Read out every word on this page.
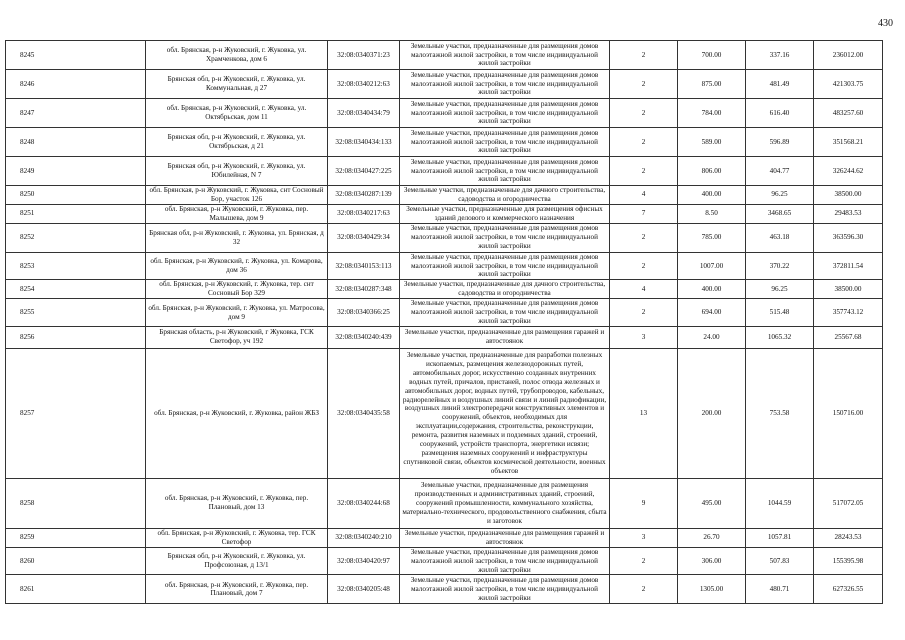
430
8245	обл. Брянская, р-н Жуковский, г. Жуковка, ул. Храмченкова, дом 6	32:08:0340371:23	Земельные участки, предназначенные для размещения домов малоэтажной жилой застройки, в том числе индивидуальной жилой застройки	2	700.00	337.16	236012.00
8246	Брянская обл, р-н Жуковский, г. Жуковка, ул. Коммунальная, д 27	32:08:0340212:63	Земельные участки, предназначенные для размещения домов малоэтажной жилой застройки, в том числе индивидуальной жилой застройки	2	875.00	481.49	421303.75
8247	обл. Брянская, р-н Жуковский, г. Жуковка, ул. Октябрьская, дом 11	32:08:0340434:79	Земельные участки, предназначенные для размещения домов малоэтажной жилой застройки, в том числе индивидуальной жилой застройки	2	784.00	616.40	483257.60
8248	Брянская обл, р-н Жуковский, г. Жуковка, ул. Октябрьская, д 21	32:08:0340434:133	Земельные участки, предназначенные для размещения домов малоэтажной жилой застройки, в том числе индивидуальной жилой застройки	2	589.00	596.89	351568.21
8249	Брянская обл, р-н Жуковский, г. Жуковка, ул. Юбилейная, N 7	32:08:0340427:225	Земельные участки, предназначенные для размещения домов малоэтажной жилой застройки, в том числе индивидуальной жилой застройки	2	806.00	404.77	326244.62
8250	обл. Брянская, р-н Жуковский, г. Жуковка, снт Сосновый Бор, участок 126	32:08:0340287:139	Земельные участки, предназначенные для дачного строительства, садоводства и огородничества	4	400.00	96.25	38500.00
8251	обл. Брянская, р-н Жуковский, г. Жуковка, пер. Малышева, дом 9	32:08:0340217:63	Земельные участки, предназначенные для размещения офисных зданий делового и коммерческого назначения	7	8.50	3468.65	29483.53
8252	Брянская обл, р-н Жуковский, г. Жуковка, ул. Брянская, д 32	32:08:0340429:34	Земельные участки, предназначенные для размещения домов малоэтажной жилой застройки, в том числе индивидуальной жилой застройки	2	785.00	463.18	363596.30
8253	обл. Брянская, р-н Жуковский, г. Жуковка, ул. Комарова, дом 36	32:08:0340153:113	Земельные участки, предназначенные для размещения домов малоэтажной жилой застройки, в том числе индивидуальной жилой застройки	2	1007.00	370.22	372811.54
8254	обл. Брянская, р-н Жуковский, г. Жуковка, тер. снт Сосновый Бор 329	32:08:0340287:348	Земельные участки, предназначенные для дачного строительства, садоводства и огородничества	4	400.00	96.25	38500.00
8255	обл. Брянская, р-н Жуковский, г. Жуковка, ул. Матросова, дом 9	32:08:0340366:25	Земельные участки, предназначенные для размещения домов малоэтажной жилой застройки, в том числе индивидуальной жилой застройки	2	694.00	515.48	357743.12
8256	Брянская область, р-н Жуковский, г Жуковка, ГСК Светофор, уч 192	32:08:0340240:439	Земельные участки, предназначенные для размещения гаражей и автостоянок	3	24.00	1065.32	25567.68
8257	обл. Брянская, р-н Жуковский, г. Жуковка, район ЖБЗ	32:08:0340435:58	Земельные участки, предназначенные для разработки полезных ископаемых, размещения железнодорожных путей, автомобильных дорог, искусственно созданных внутренних водных путей, причалов, пристаней, полос отвода железных и автомобильных дорог, водных путей, трубопроводов, кабельных, радиорелейных и воздушных линий связи и линий радиофикации, воздушных линий электропередачи конструктивных элементов и сооружений, объектов, необходимых для эксплуатации,содержания, строительства, реконструкции, ремонта, развития наземных и подземных зданий, строений, сооружений, устройств транспорта, энергетики исвязи; размещения наземных сооружений и инфраструктуры спутниковой связи, объектов космической деятельности, военных объектов	13	200.00	753.58	150716.00
8258	обл. Брянская, р-н Жуковский, г. Жуковка, пер. Плановый, дом 13	32:08:0340244:68	Земельные участки, предназначенные для размещения производственных и административных зданий, строений, сооружений промышленности, коммунального хозяйства, материально-технического, продовольственного снабжения, сбыта и заготовок	9	495.00	1044.59	517072.05
8259	обл. Брянская, р-н Жуковский, г. Жуковка, тер. ГСК Светофор	32:08:0340240:210	Земельные участки, предназначенные для размещения гаражей и автостоянок	3	26.70	1057.81	28243.53
8260	Брянская обл, р-н Жуковский, г. Жуковка, ул. Профсоюзная, д 13/1	32:08:0340420:97	Земельные участки, предназначенные для размещения домов малоэтажной жилой застройки, в том числе индивидуальной жилой застройки	2	306.00	507.83	155395.98
8261	обл. Брянская, р-н Жуковский, г. Жуковка, пер. Плановый, дом 7	32:08:0340205:48	Земельные участки, предназначенные для размещения домов малоэтажной жилой застройки, в том числе индивидуальной жилой застройки	2	1305.00	480.71	627326.55
